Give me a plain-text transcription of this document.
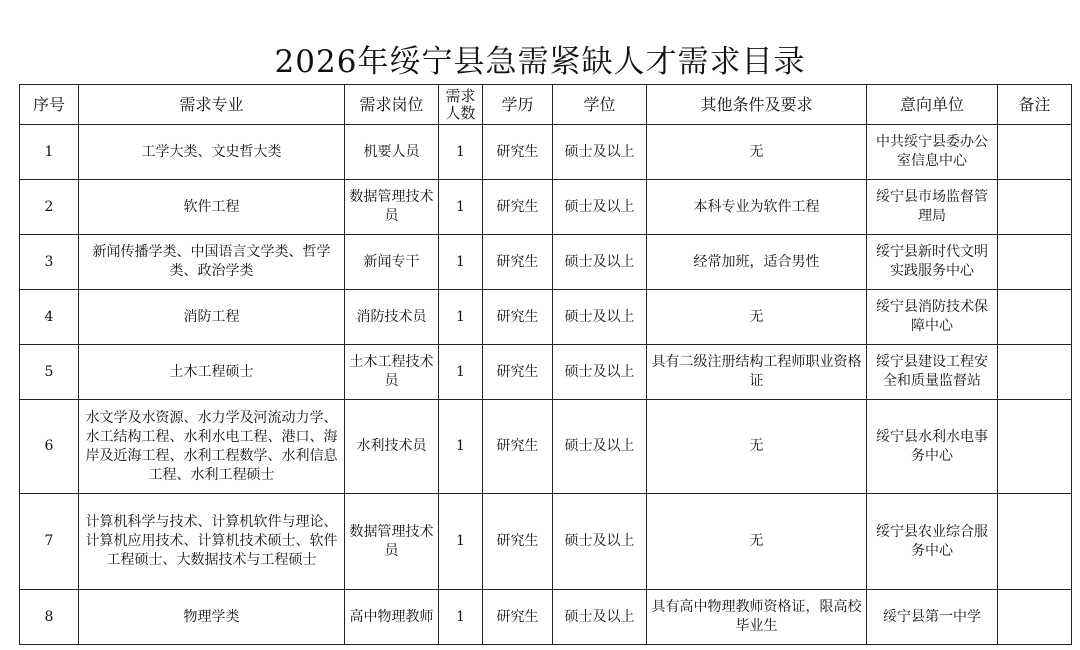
2026年绥宁县急需紧缺人才需求目录
序号	需求专业	需求岗位	需求人数	学历	学位	其他条件及要求	意向单位	备注
1	工学大类、文史哲大类	机要人员	1	研究生	硕士及以上	无	中共绥宁县委办公室信息中心	
2	软件工程	数据管理技术员	1	研究生	硕士及以上	本科专业为软件工程	绥宁县市场监督管理局	
3	新闻传播学类、中国语言文学类、哲学类、政治学类	新闻专干	1	研究生	硕士及以上	经常加班，适合男性	绥宁县新时代文明实践服务中心	
4	消防工程	消防技术员	1	研究生	硕士及以上	无	绥宁县消防技术保障中心	
5	土木工程硕士	土木工程技术员	1	研究生	硕士及以上	具有二级注册结构工程师职业资格证	绥宁县建设工程安全和质量监督站	
6	水文学及水资源、水力学及河流动力学、水工结构工程、水利水电工程、港口、海岸及近海工程、水利工程数学、水利信息工程、水利工程硕士	水利技术员	1	研究生	硕士及以上	无	绥宁县水利水电事务中心	
7	计算机科学与技术、计算机软件与理论、计算机应用技术、计算机技术硕士、软件工程硕士、大数据技术与工程硕士	数据管理技术员	1	研究生	硕士及以上	无	绥宁县农业综合服务中心	
8	物理学类	高中物理教师	1	研究生	硕士及以上	具有高中物理教师资格证，限高校毕业生	绥宁县第一中学	
